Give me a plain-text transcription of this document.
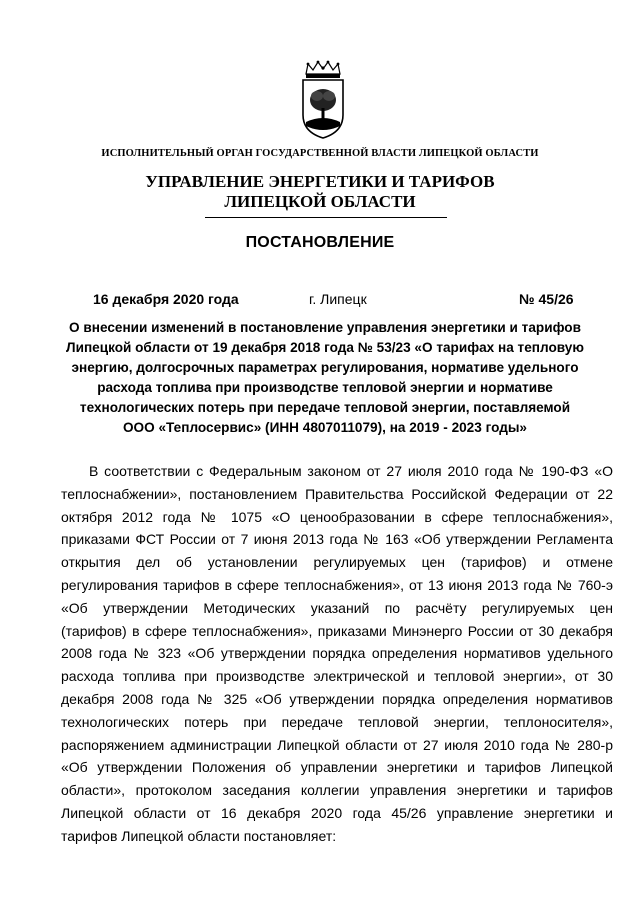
ИСПОЛНИТЕЛЬНЫЙ ОРГАН ГОСУДАРСТВЕННОЙ ВЛАСТИ ЛИПЕЦКОЙ ОБЛАСТИ
УПРАВЛЕНИЕ ЭНЕРГЕТИКИ И ТАРИФОВ
ЛИПЕЦКОЙ ОБЛАСТИ
ПОСТАНОВЛЕНИЕ
16 декабря 2020 года	г. Липецк	№ 45/26
О внесении изменений в постановление управления энергетики и тарифов
Липецкой области от 19 декабря 2018 года № 53/23 «О тарифах на тепловую
энергию, долгосрочных параметрах регулирования, нормативе удельного
расхода топлива при производстве тепловой энергии и нормативе
технологических потерь при передаче тепловой энергии, поставляемой
ООО «Теплосервис» (ИНН 4807011079), на 2019 - 2023 годы»
В соответствии с Федеральным законом от 27 июля 2010 года № 190-ФЗ «О
теплоснабжении», постановлением Правительства Российской Федерации от 22
октября 2012 года № 1075 «О ценообразовании в сфере теплоснабжения»,
приказами ФСТ России от 7 июня 2013 года № 163 «Об утверждении Регламента
открытия дел об установлении регулируемых цен (тарифов) и отмене
регулирования тарифов в сфере теплоснабжения», от 13 июня 2013 года № 760-э
«Об утверждении Методических указаний по расчёту регулируемых цен
(тарифов) в сфере теплоснабжения», приказами Минэнерго России от 30 декабря
2008 года № 323 «Об утверждении порядка определения нормативов удельного
расхода топлива при производстве электрической и тепловой энергии», от 30
декабря 2008 года № 325 «Об утверждении порядка определения нормативов
технологических потерь при передаче тепловой энергии, теплоносителя»,
распоряжением администрации Липецкой области от 27 июля 2010 года № 280-р
«Об утверждении Положения об управлении энергетики и тарифов Липецкой
области», протоколом заседания коллегии управления энергетики и тарифов
Липецкой области от 16 декабря 2020 года 45/26 управление энергетики и
тарифов Липецкой области постановляет:
